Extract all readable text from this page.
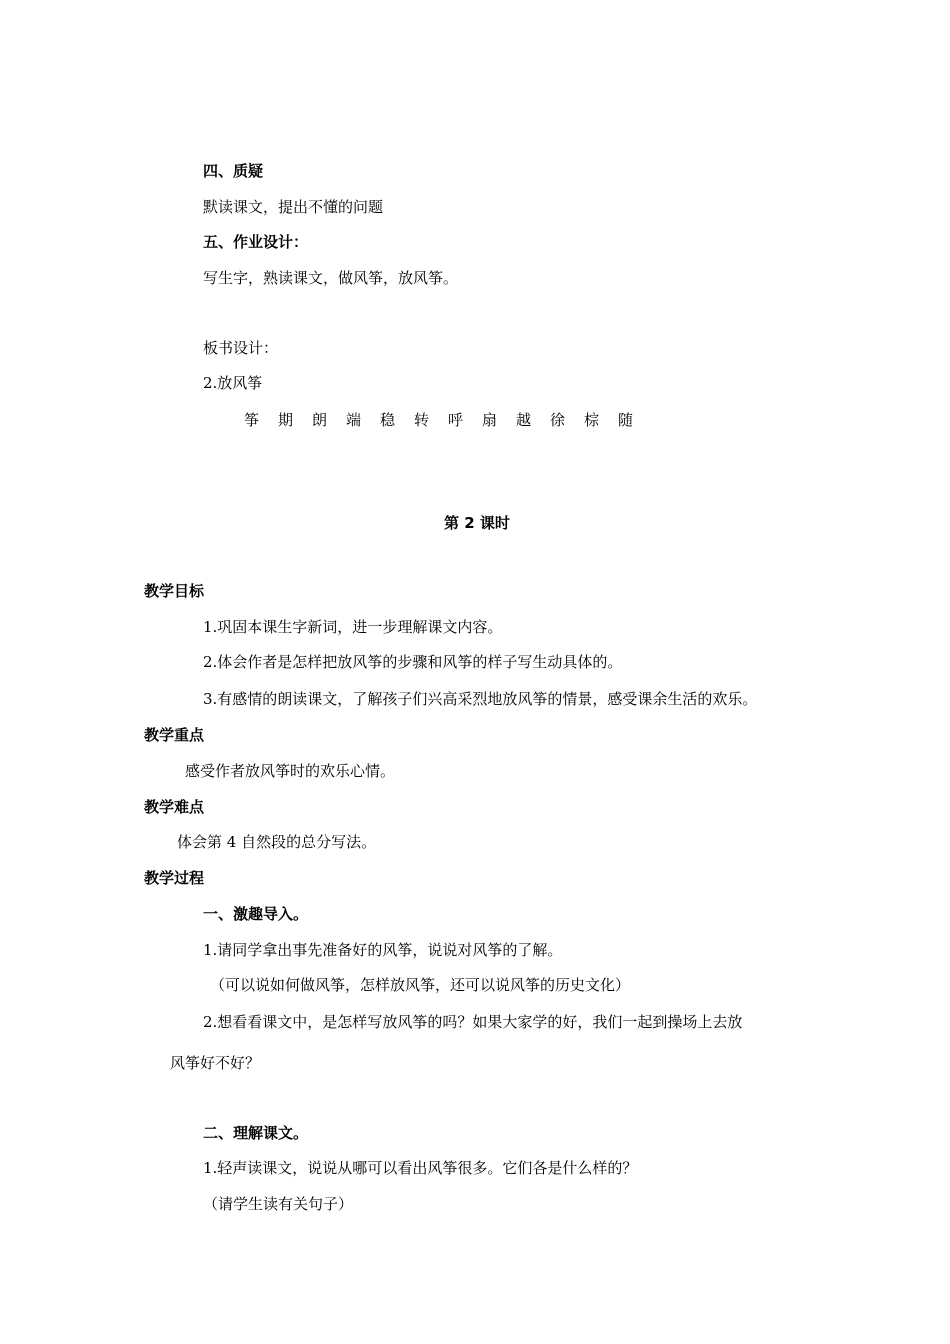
四、质疑
默读课文，提出不懂的问题
五、作业设计：
写生字，熟读课文，做风筝，放风筝。
板书设计：
2.放风筝
筝 期 朗 端 稳 转 呼 扇 越 徐 棕 随
第 2 课时
教学目标
1.巩固本课生字新词，进一步理解课文内容。
2.体会作者是怎样把放风筝的步骤和风筝的样子写生动具体的。
3.有感情的朗读课文，了解孩子们兴高采烈地放风筝的情景，感受课余生活的欢乐。
教学重点
感受作者放风筝时的欢乐心情。
教学难点
体会第 4 自然段的总分写法。
教学过程
一、激趣导入。
1.请同学拿出事先准备好的风筝，说说对风筝的了解。
（可以说如何做风筝，怎样放风筝，还可以说风筝的历史文化）
2.想看看课文中，是怎样写放风筝的吗？如果大家学的好，我们一起到操场上去放
风筝好不好？
二、理解课文。
1.轻声读课文，说说从哪可以看出风筝很多。它们各是什么样的？
（请学生读有关句子）
